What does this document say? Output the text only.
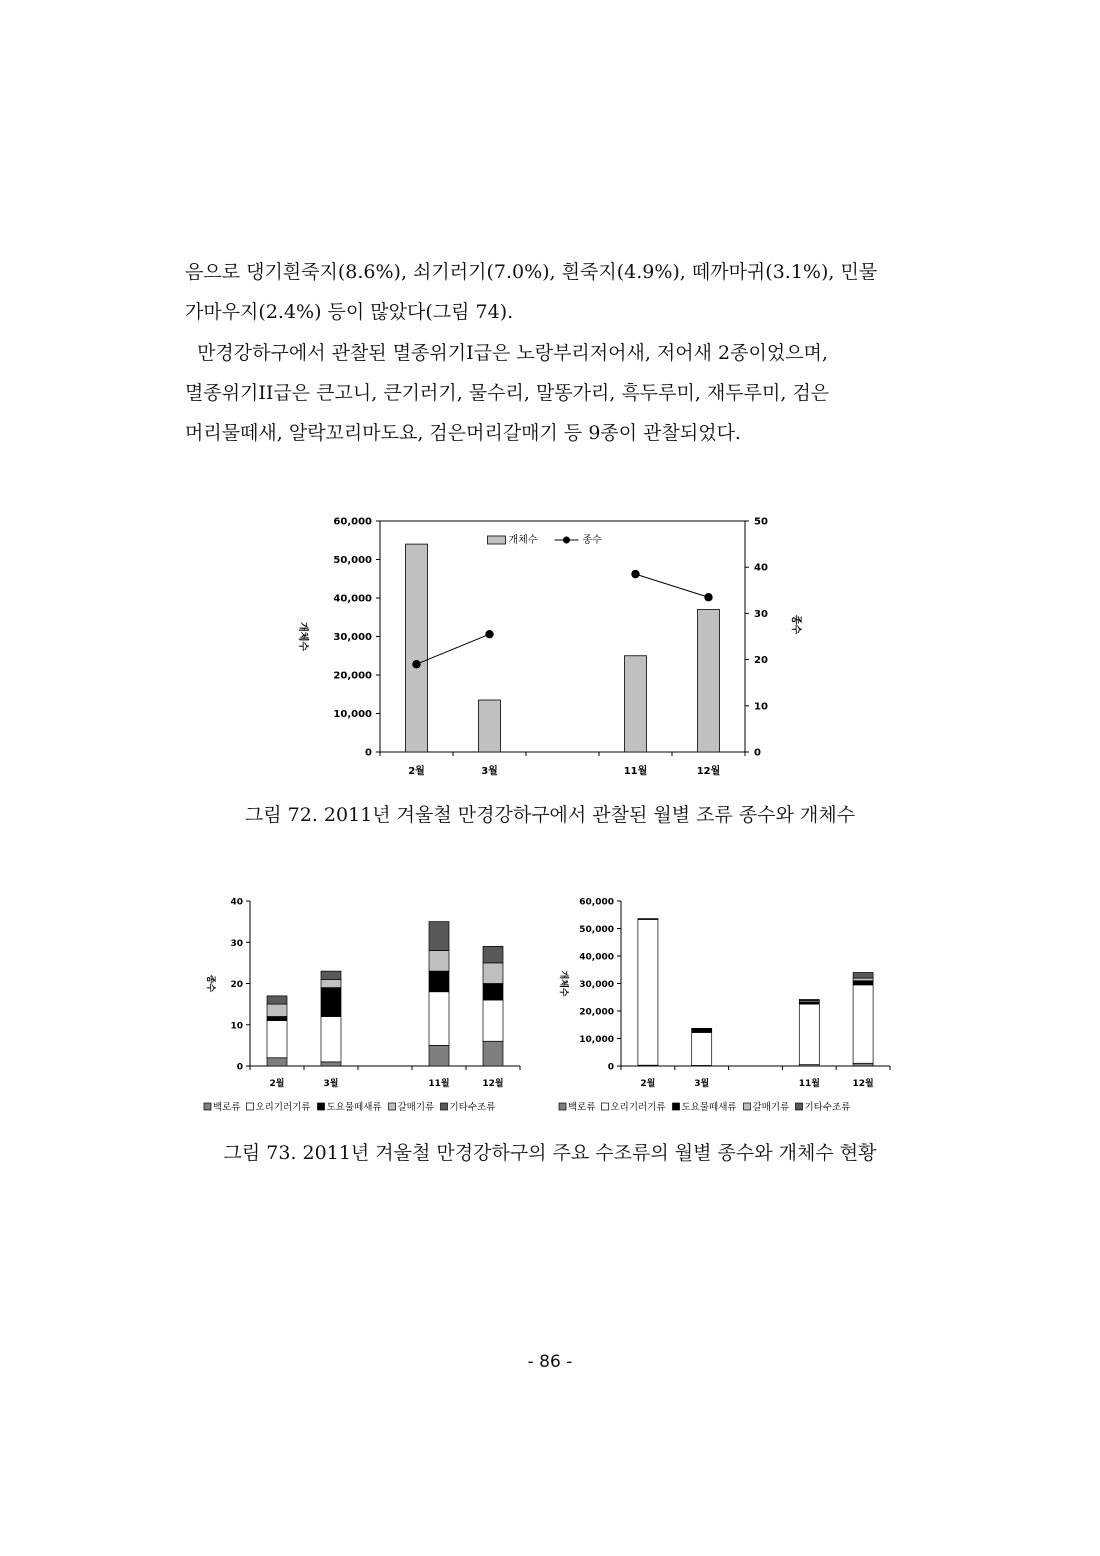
음으로 댕기흰죽지(8.6%), 쇠기러기(7.0%), 흰죽지(4.9%), 떼까마귀(3.1%), 민물
가마우지(2.4%) 등이 많았다(그림 74).
만경강하구에서 관찰된 멸종위기I급은 노랑부리저어새, 저어새 2종이었으며,
멸종위기II급은 큰고니, 큰기러기, 물수리, 말똥가리, 흑두루미, 재두루미, 검은
머리물떼새, 알락꼬리마도요, 검은머리갈매기 등 9종이 관찰되었다.
0
10,000
20,000
30,000
40,000
50,000
60,000
0
10
20
30
40
50
2월	3월	11월	12월
개체수	종수
개체수	종수

그림 72. 2011년 겨울철 만경강하구에서 관찰된 월별 조류 종수와 개체수

0
10
20
30
40
2월	3월	11월	12월
종수
백로류 오리기러기류 도요물떼새류 갈매기류 기타수조류
0
10,000
20,000
30,000
40,000
50,000
60,000
2월	3월	11월	12월
개체수
백로류 오리기러기류 도요물떼새류 갈매기류 기타수조류

그림 73. 2011년 겨울철 만경강하구의 주요 수조류의 월별 종수와 개체수 현황

- 86 -
